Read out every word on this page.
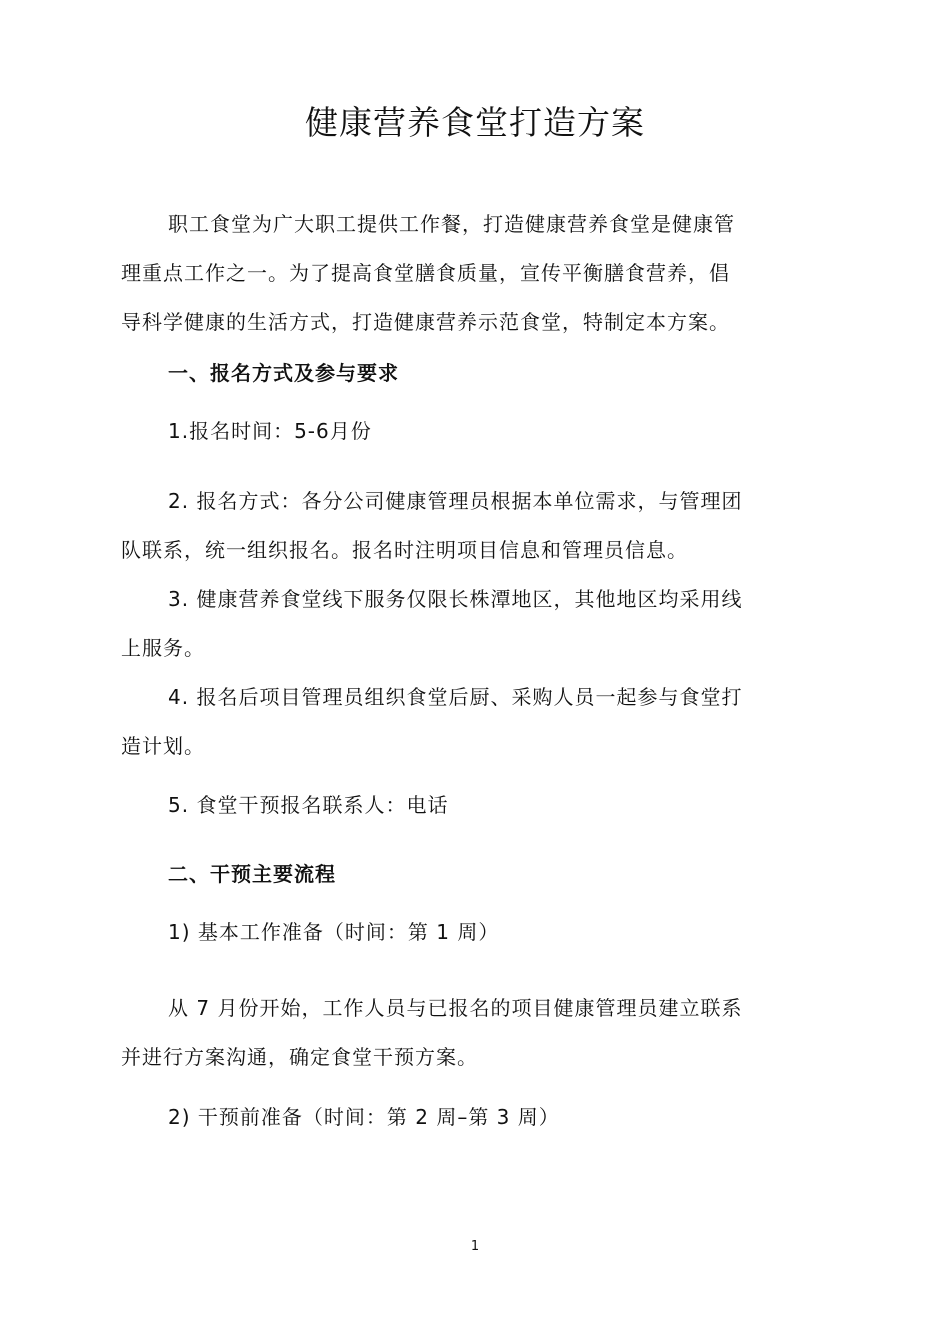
健康营养食堂打造方案
职工食堂为广大职工提供工作餐，打造健康营养食堂是健康管
理重点工作之一。为了提高食堂膳食质量，宣传平衡膳食营养，倡
导科学健康的生活方式，打造健康营养示范食堂，特制定本方案。
一、报名方式及参与要求
1.报名时间：5-6月份
2. 报名方式：各分公司健康管理员根据本单位需求，与管理团
队联系，统一组织报名。报名时注明项目信息和管理员信息。
3. 健康营养食堂线下服务仅限长株潭地区，其他地区均采用线
上服务。
4. 报名后项目管理员组织食堂后厨、采购人员一起参与食堂打
造计划。
5. 食堂干预报名联系人：电话
二、干预主要流程
1) 基本工作准备（时间：第 1 周）
从 7 月份开始，工作人员与已报名的项目健康管理员建立联系
并进行方案沟通，确定食堂干预方案。
2) 干预前准备（时间：第 2 周–第 3 周）
1
